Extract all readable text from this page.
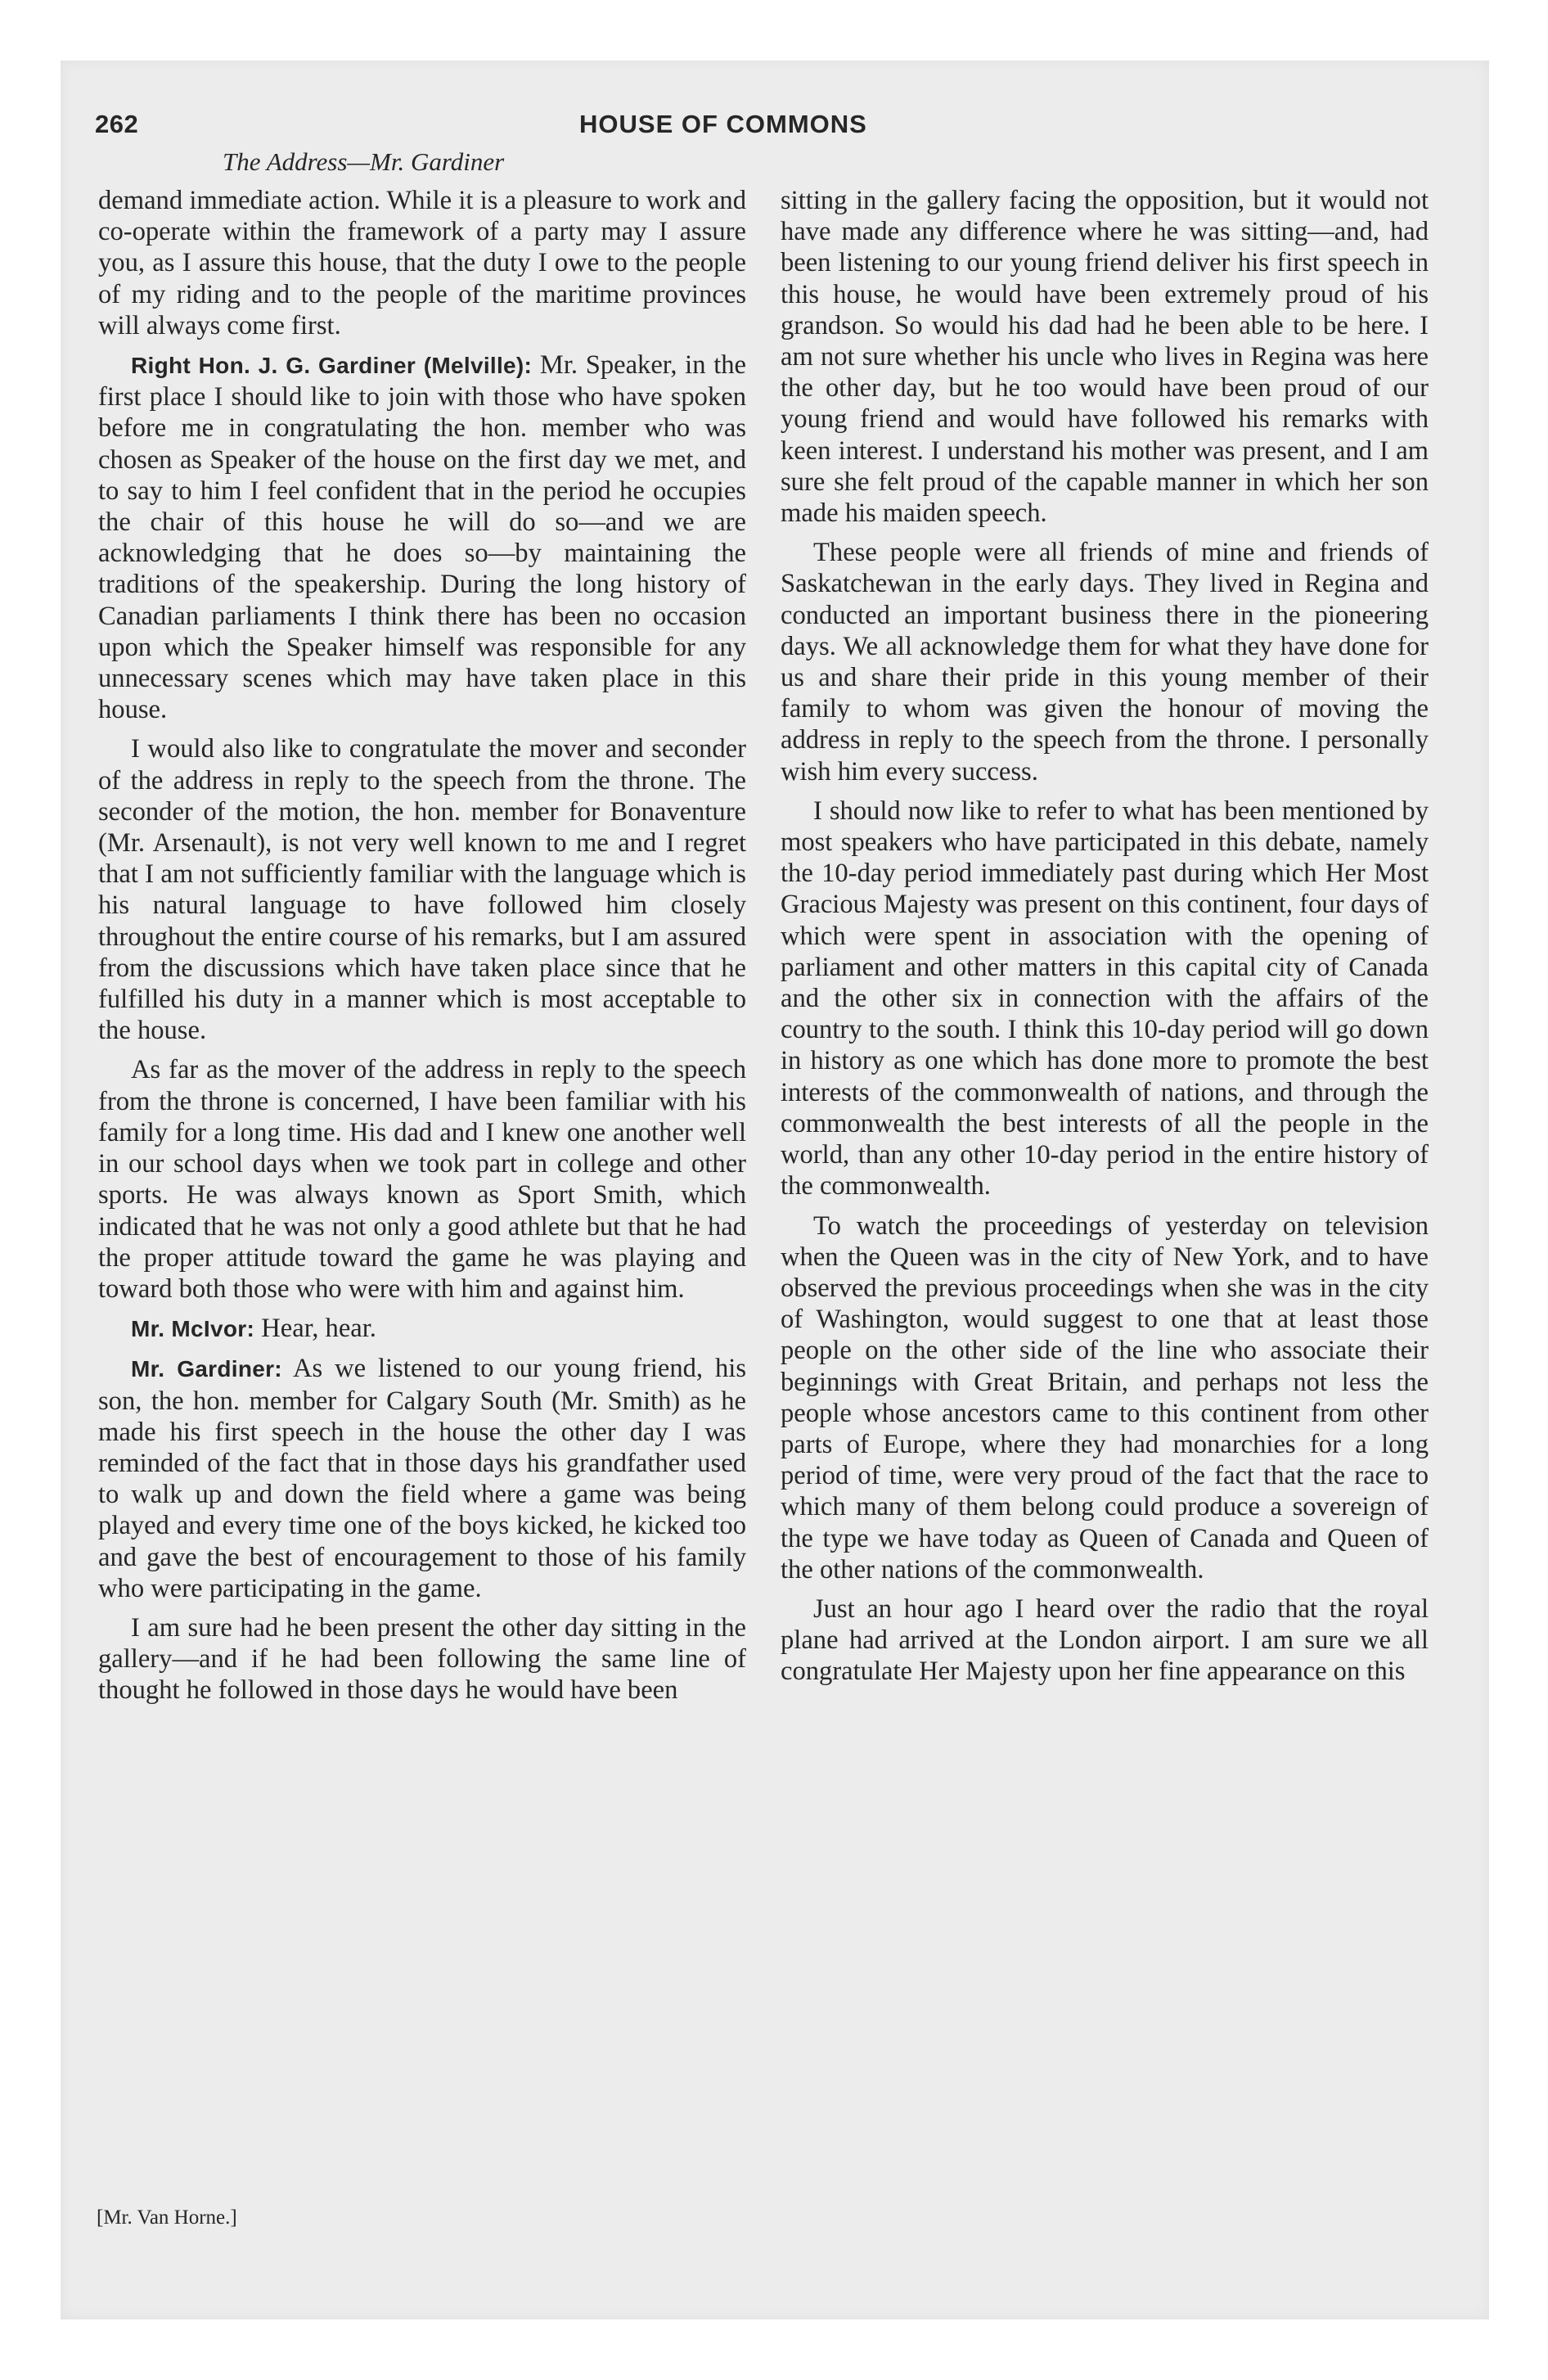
262	HOUSE OF COMMONS
The Address—Mr. Gardiner

demand immediate action. While it is a pleasure to work and co-operate within the framework of a party may I assure you, as I assure this house, that the duty I owe to the people of my riding and to the people of the maritime provinces will always come first.

Right Hon. J. G. Gardiner (Melville): Mr. Speaker, in the first place I should like to join with those who have spoken before me in congratulating the hon. member who was chosen as Speaker of the house on the first day we met, and to say to him I feel confident that in the period he occupies the chair of this house he will do so—and we are acknowledging that he does so—by maintaining the traditions of the speakership. During the long history of Canadian parliaments I think there has been no occasion upon which the Speaker himself was responsible for any unnecessary scenes which may have taken place in this house.

I would also like to congratulate the mover and seconder of the address in reply to the speech from the throne. The seconder of the motion, the hon. member for Bonaventure (Mr. Arsenault), is not very well known to me and I regret that I am not sufficiently familiar with the language which is his natural language to have followed him closely throughout the entire course of his remarks, but I am assured from the discussions which have taken place since that he fulfilled his duty in a manner which is most acceptable to the house.

As far as the mover of the address in reply to the speech from the throne is concerned, I have been familiar with his family for a long time. His dad and I knew one another well in our school days when we took part in college and other sports. He was always known as Sport Smith, which indicated that he was not only a good athlete but that he had the proper attitude toward the game he was playing and toward both those who were with him and against him.

Mr. McIvor: Hear, hear.

Mr. Gardiner: As we listened to our young friend, his son, the hon. member for Calgary South (Mr. Smith) as he made his first speech in the house the other day I was reminded of the fact that in those days his grandfather used to walk up and down the field where a game was being played and every time one of the boys kicked, he kicked too and gave the best of encouragement to those of his family who were participating in the game.

I am sure had he been present the other day sitting in the gallery—and if he had been following the same line of thought he followed in those days he would have been

sitting in the gallery facing the opposition, but it would not have made any difference where he was sitting—and, had been listening to our young friend deliver his first speech in this house, he would have been extremely proud of his grandson. So would his dad had he been able to be here. I am not sure whether his uncle who lives in Regina was here the other day, but he too would have been proud of our young friend and would have followed his remarks with keen interest. I understand his mother was present, and I am sure she felt proud of the capable manner in which her son made his maiden speech.

These people were all friends of mine and friends of Saskatchewan in the early days. They lived in Regina and conducted an important business there in the pioneering days. We all acknowledge them for what they have done for us and share their pride in this young member of their family to whom was given the honour of moving the address in reply to the speech from the throne. I personally wish him every success.

I should now like to refer to what has been mentioned by most speakers who have participated in this debate, namely the 10-day period immediately past during which Her Most Gracious Majesty was present on this continent, four days of which were spent in association with the opening of parliament and other matters in this capital city of Canada and the other six in connection with the affairs of the country to the south. I think this 10-day period will go down in history as one which has done more to promote the best interests of the commonwealth of nations, and through the commonwealth the best interests of all the people in the world, than any other 10-day period in the entire history of the commonwealth.

To watch the proceedings of yesterday on television when the Queen was in the city of New York, and to have observed the previous proceedings when she was in the city of Washington, would suggest to one that at least those people on the other side of the line who associate their beginnings with Great Britain, and perhaps not less the people whose ancestors came to this continent from other parts of Europe, where they had monarchies for a long period of time, were very proud of the fact that the race to which many of them belong could produce a sovereign of the type we have today as Queen of Canada and Queen of the other nations of the commonwealth.

Just an hour ago I heard over the radio that the royal plane had arrived at the London airport. I am sure we all congratulate Her Majesty upon her fine appearance on this

[Mr. Van Horne.]
